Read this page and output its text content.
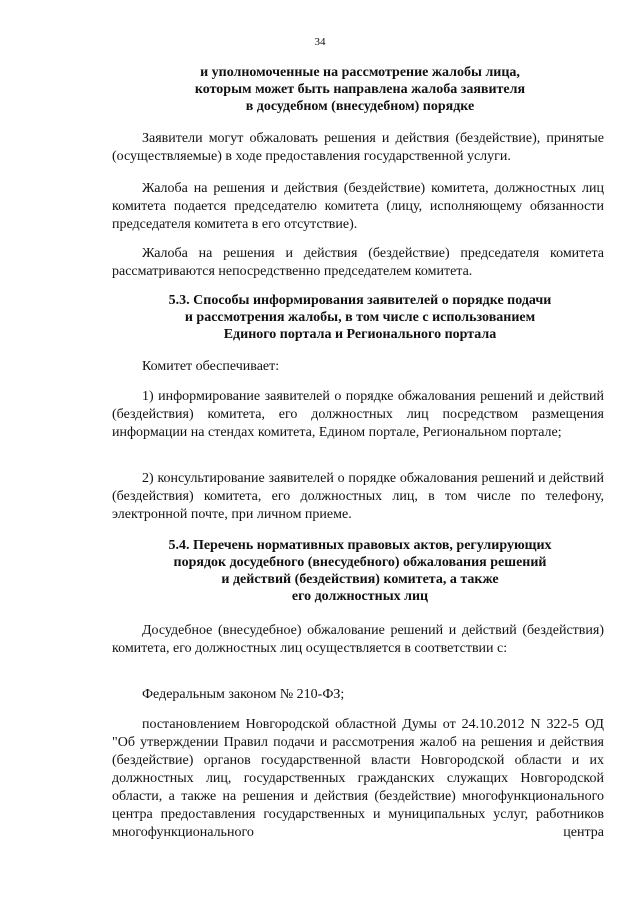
34
и уполномоченные на рассмотрение жалобы лица,
которым может быть направлена жалоба заявителя
в досудебном (внесудебном) порядке
Заявители могут обжаловать решения и действия (бездействие), принятые (осуществляемые) в ходе предоставления государственной услуги.
Жалоба на решения и действия (бездействие) комитета, должностных лиц комитета подается председателю комитета (лицу, исполняющему обязанности председателя комитета в его отсутствие).
Жалоба на решения и действия (бездействие) председателя комитета рассматриваются непосредственно председателем комитета.
5.3. Способы информирования заявителей о порядке подачи
и рассмотрения жалобы, в том числе с использованием
Единого портала и Регионального портала
Комитет обеспечивает:
1) информирование заявителей о порядке обжалования решений и действий (бездействия) комитета, его должностных лиц посредством размещения информации на стендах комитета, Едином портале, Региональном портале;
2) консультирование заявителей о порядке обжалования решений и действий (бездействия) комитета, его должностных лиц, в том числе по телефону, электронной почте, при личном приеме.
5.4. Перечень нормативных правовых актов, регулирующих
порядок досудебного (внесудебного) обжалования решений
и действий (бездействия) комитета, а также
его должностных лиц
Досудебное (внесудебное) обжалование решений и действий (бездействия) комитета, его должностных лиц осуществляется в соответствии с:
Федеральным законом № 210-ФЗ;
постановлением Новгородской областной Думы от 24.10.2012 N 322-5 ОД "Об утверждении Правил подачи и рассмотрения жалоб на решения и действия (бездействие) органов государственной власти Новгородской области и их должностных лиц, государственных гражданских служащих Новгородской области, а также на решения и действия (бездействие) многофункционального центра предоставления государственных и муниципальных услуг, работников многофункционального центра
